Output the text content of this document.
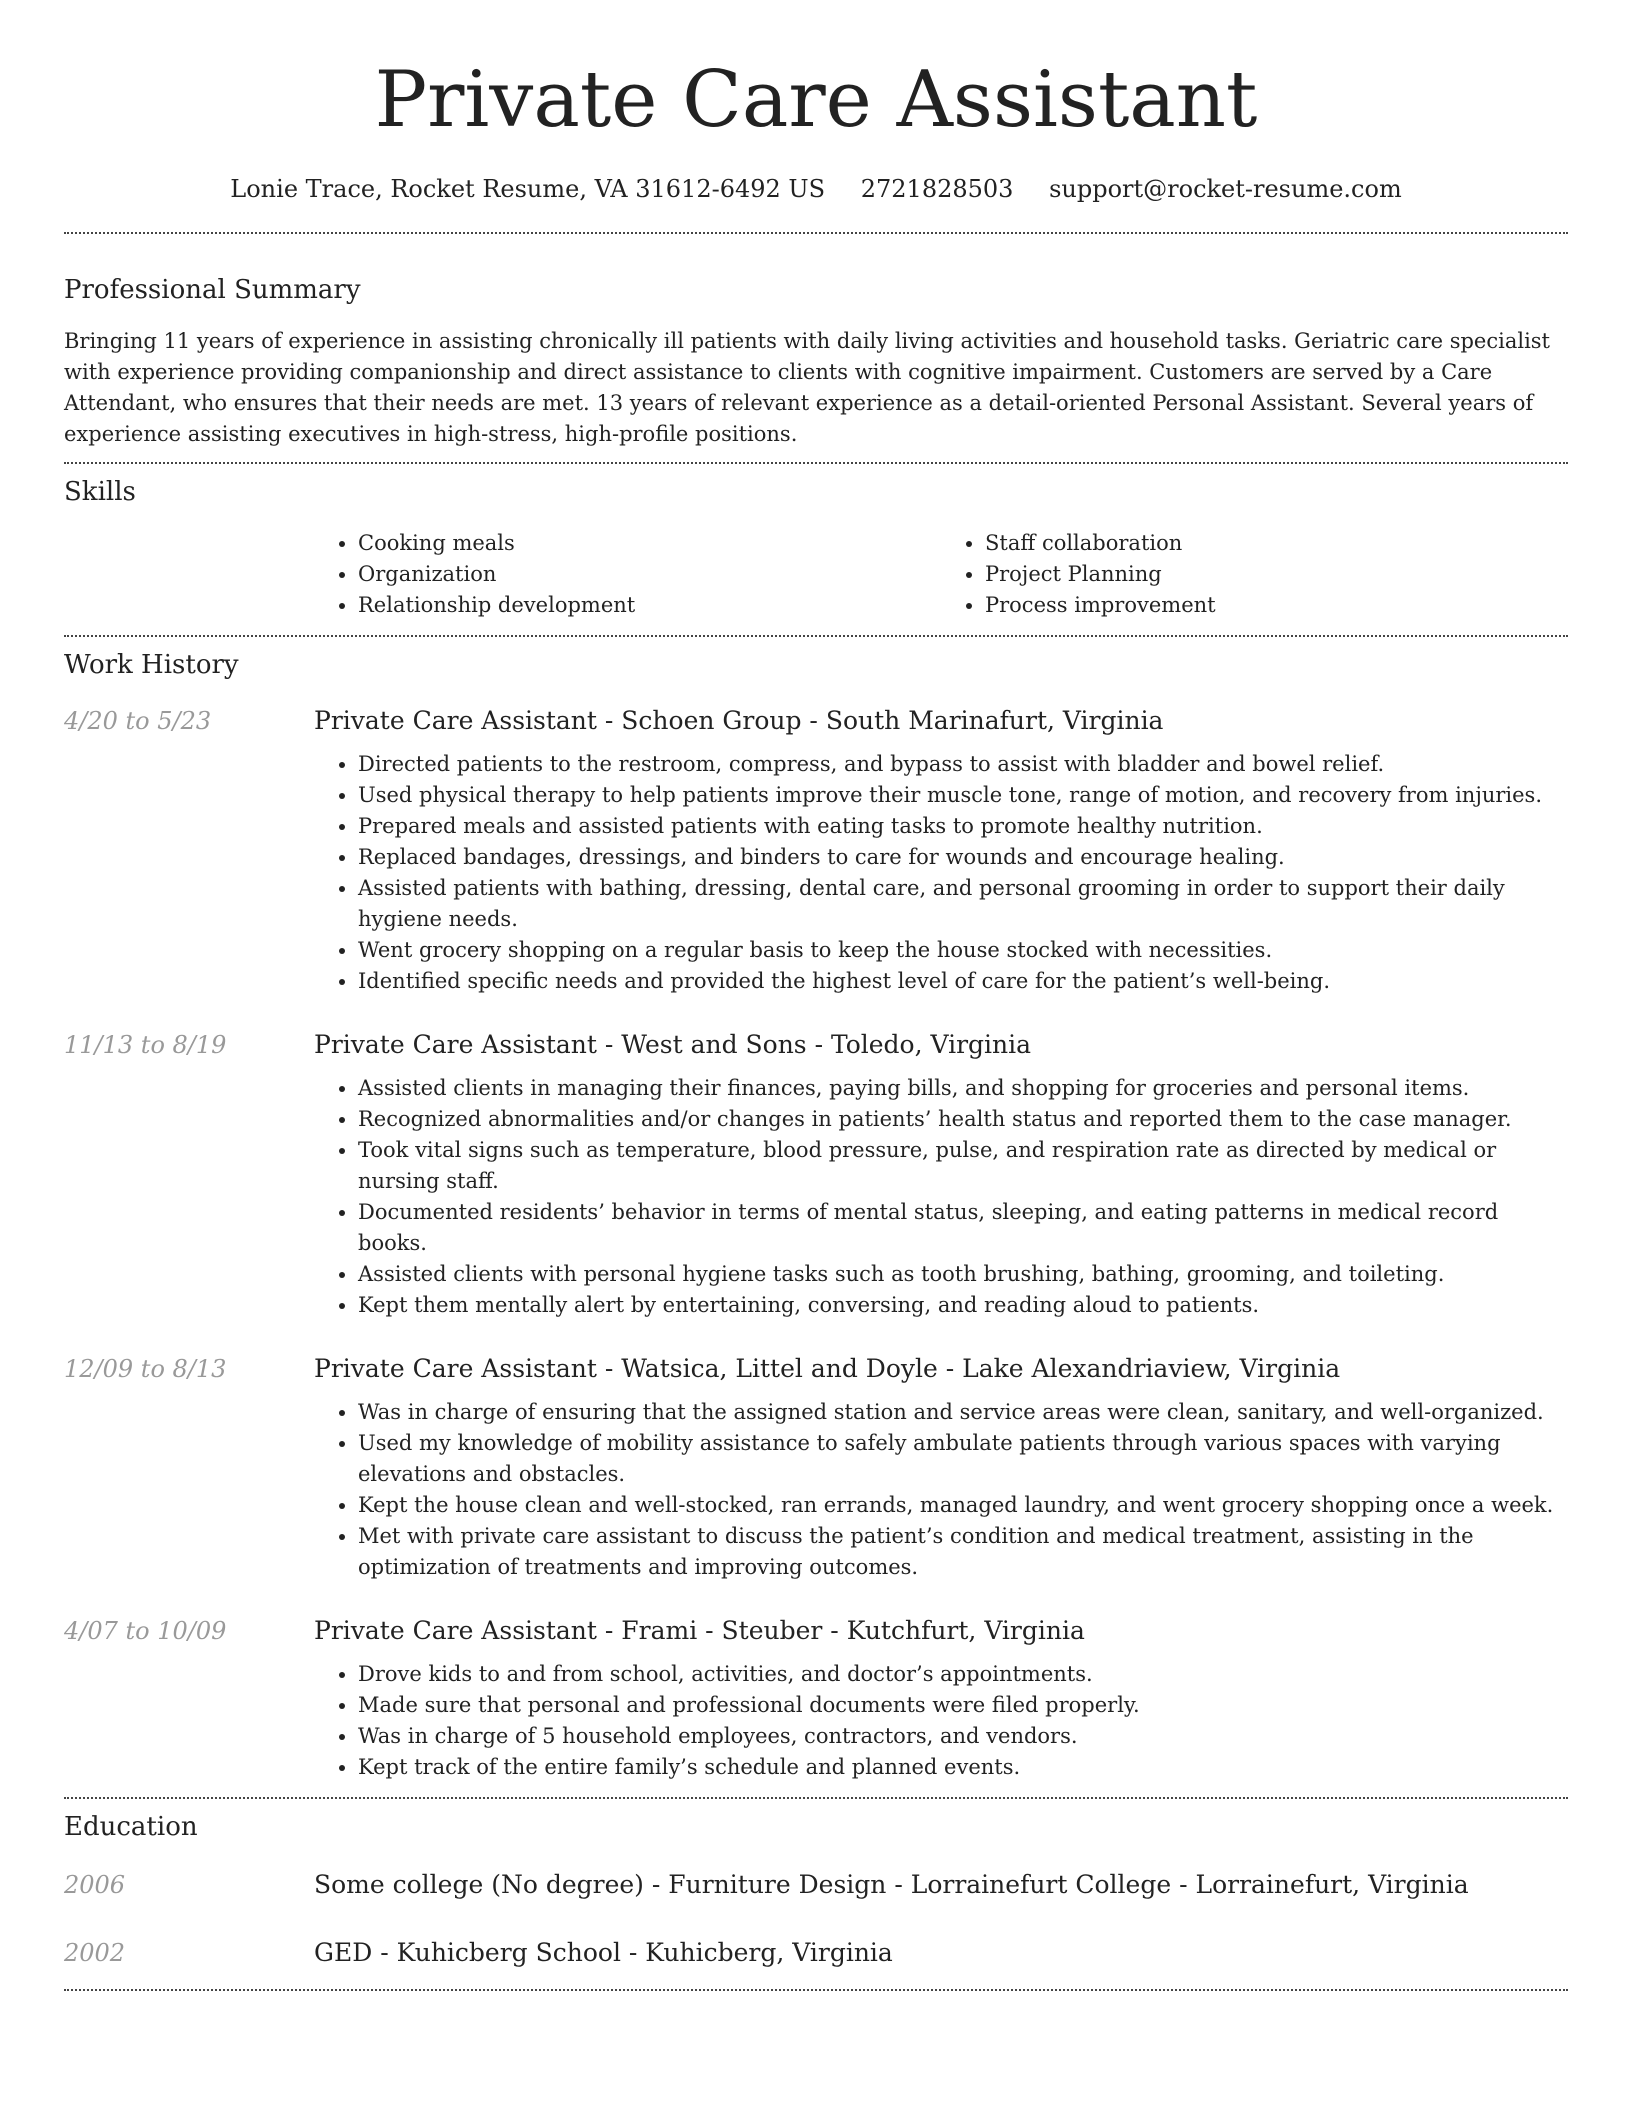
Private Care Assistant
Lonie Trace, Rocket Resume, VA 31612-6492 US 2721828503 support@rocket-resume.com
Professional Summary

Bringing 11 years of experience in assisting chronically ill patients with daily living activities and household tasks. Geriatric care specialist with experience providing companionship and direct assistance to clients with cognitive impairment. Customers are served by a Care Attendant, who ensures that their needs are met. 13 years of relevant experience as a detail-oriented Personal Assistant. Several years of experience assisting executives in high-stress, high-profile positions.

Skills
• Cooking meals
• Organization
• Relationship development
• Staff collaboration
• Project Planning
• Process improvement
Work History
4/20 to 5/23	Private Care Assistant - Schoen Group - South Marinafurt, Virginia
• Directed patients to the restroom, compress, and bypass to assist with bladder and bowel relief.
• Used physical therapy to help patients improve their muscle tone, range of motion, and recovery from injuries.
• Prepared meals and assisted patients with eating tasks to promote healthy nutrition.
• Replaced bandages, dressings, and binders to care for wounds and encourage healing.
• Assisted patients with bathing, dressing, dental care, and personal grooming in order to support their daily hygiene needs.
• Went grocery shopping on a regular basis to keep the house stocked with necessities.
• Identified specific needs and provided the highest level of care for the patient’s well-being.
11/13 to 8/19	Private Care Assistant - West and Sons - Toledo, Virginia
• Assisted clients in managing their finances, paying bills, and shopping for groceries and personal items.
• Recognized abnormalities and/or changes in patients’ health status and reported them to the case manager.
• Took vital signs such as temperature, blood pressure, pulse, and respiration rate as directed by medical or nursing staff.
• Documented residents’ behavior in terms of mental status, sleeping, and eating patterns in medical record books.
• Assisted clients with personal hygiene tasks such as tooth brushing, bathing, grooming, and toileting.
• Kept them mentally alert by entertaining, conversing, and reading aloud to patients.
12/09 to 8/13	Private Care Assistant - Watsica, Littel and Doyle - Lake Alexandriaview, Virginia
• Was in charge of ensuring that the assigned station and service areas were clean, sanitary, and well-organized.
• Used my knowledge of mobility assistance to safely ambulate patients through various spaces with varying elevations and obstacles.
• Kept the house clean and well-stocked, ran errands, managed laundry, and went grocery shopping once a week.
• Met with private care assistant to discuss the patient’s condition and medical treatment, assisting in the optimization of treatments and improving outcomes.
4/07 to 10/09	Private Care Assistant - Frami - Steuber - Kutchfurt, Virginia
• Drove kids to and from school, activities, and doctor’s appointments.
• Made sure that personal and professional documents were filed properly.
• Was in charge of 5 household employees, contractors, and vendors.
• Kept track of the entire family’s schedule and planned events.
Education
2006	Some college (No degree) - Furniture Design - Lorrainefurt College - Lorrainefurt, Virginia
2002	GED - Kuhicberg School - Kuhicberg, Virginia
